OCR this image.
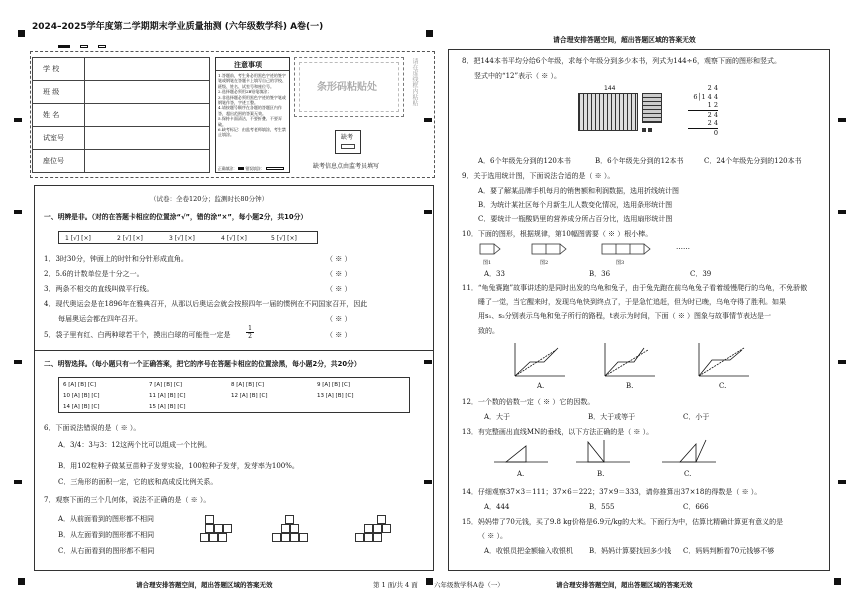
2024–2025学年度第二学期期末学业质量抽测 (六年级数学科) A卷(一)
学 校	
班 级	
姓 名	
试室号	
座位号	
注意事项
1.答题前，考生务必用黑色字迹的签字笔或钢笔在答题卡上填写自己的学校、班级、姓名、试室号和座位号。
2.选择题必须用2B铅笔填涂；
3.非选择题必须用黑色字迹的签字笔或钢笔作答，字迹工整。
4.请按题号顺序在各题的答题区内作答，超出范围的答案无效。
5.保持卡面清洁，不要折叠、不要弄破。
6.缺考标记：由监考老师填涂，考生禁止填涂。
正确填涂： 错误填涂：
条形码粘贴处	请在虚线框内粘贴
缺考
缺考信息点由监考员填写
（试卷：全卷120分；监测时长80分钟）
一、明辨是非。（对的在答题卡相应的位置涂“√”，错的涂“×”，每小题2分，共10分）
1 [√] [×]	2 [√] [×]	3 [√] [×]	4 [√] [×]	5 [√] [×]
1．3时30分，钟面上的时针和分针形成直角。	（ ※ ）
2．5.6的计数单位是十分之一。	（ ※ ）
3．两条不相交的直线叫做平行线。	（ ※ ）
4．现代奥运会是在1896年在雅典召开，从那以后奥运会就会按照四年一届的惯例在不同国家召开，因此
每届奥运会都在四年召开。	（ ※ ）
5．袋子里有红、白两种球若干个，摸出白球的可能性一定是
1
2	（ ※ ）
二、明智选择。（每小题只有一个正确答案，把它的序号在答题卡相应的位置涂黑，每小题2分，共20分）
6 [A] [B] [C]	7 [A] [B] [C]	8 [A] [B] [C]	9 [A] [B] [C]
10 [A] [B] [C]	11 [A] [B] [C]	12 [A] [B] [C]	13 [A] [B] [C]
14 [A] [B] [C]	15 [A] [B] [C]
6．下面说法错误的是（ ※ ）。
A．3/4：3与3：12这两个比可以组成一个比例。
B．用102粒种子做某豆苗种子发芽实验，100粒种子发芽，发芽率为100%。
C．三角形的面积一定，它的底和高成反比例关系。
7．观察下面的三个几何体，说法不正确的是（ ※ ）。
A．从前面看到的图形都不相同
B．从左面看到的图形都不相同
C．从右面看到的图形都不相同
请合理安排答题空间，超出答题区域的答案无效
8．把144本书平均分给6个年级，求每个年级分到多少本书，列式为144÷6，观察下面的图形和竖式。
竖式中的“12”表示（ ※ ）。
144	2 4
6│1 4 4
1 2
2 4
2 4
0
A．6个年级先分到的120本书	B．6个年级先分到的12本书	C．24个年级先分到的120本书
9．关于选用统计图，下面说法合适的是（ ※ ）。
A．要了解某品牌手机每月的销售额和利润数据，选用折线统计图
B．为统计某社区每个月新生儿人数变化情况，选用条形统计图
C．要统计一瓶酸奶里的营养成分所占百分比，选用扇形统计图
10．下面的图形，根据规律，第10幅图需要（ ※ ）根小棒。
图1	图2	图3
……
A．33	B．36	C．39
11．“龟兔赛跑”故事讲述的是同时出发的乌龟和兔子，由于兔先跑在前乌龟兔子看着缓慢爬行的乌龟，不免骄傲
睡了一觉，当它醒来时，发现乌龟快到终点了，于是急忙追赶，但为时已晚，乌龟夺得了胜利。如果
用s₁、s₂分别表示乌龟和兔子所行的路程，t表示为时间，下面（ ※ ）图象与故事情节表达是一
致的。
A.	B.	C.
12．一个数的倍数一定（ ※ ）它的因数。
A．大于	B．大于或等于	C．小于
13．有完整画出直线MN的垂线，以下方法正确的是（ ※ ）。
A.	B.	C.
14．仔细观察37×3＝111；37×6＝222；37×9＝333，请你推算出37×18的得数是（ ※ ）。
A．444	B．555	C．666
15．妈妈带了70元钱，买了9.8 kg价格是6.9元/kg的大米。下面行为中，估算比精确计算更有意义的是
（ ※ ）。
A．收银员把金额输入收银机 B．妈妈计算要找回多少钱 C．妈妈判断看70元钱够不够
请合理安排答题空间，超出答题区域的答案无效	第 1 面/共 4 面	六年级数学科A卷（一）	请合理安排答题空间，超出答题区域的答案无效
